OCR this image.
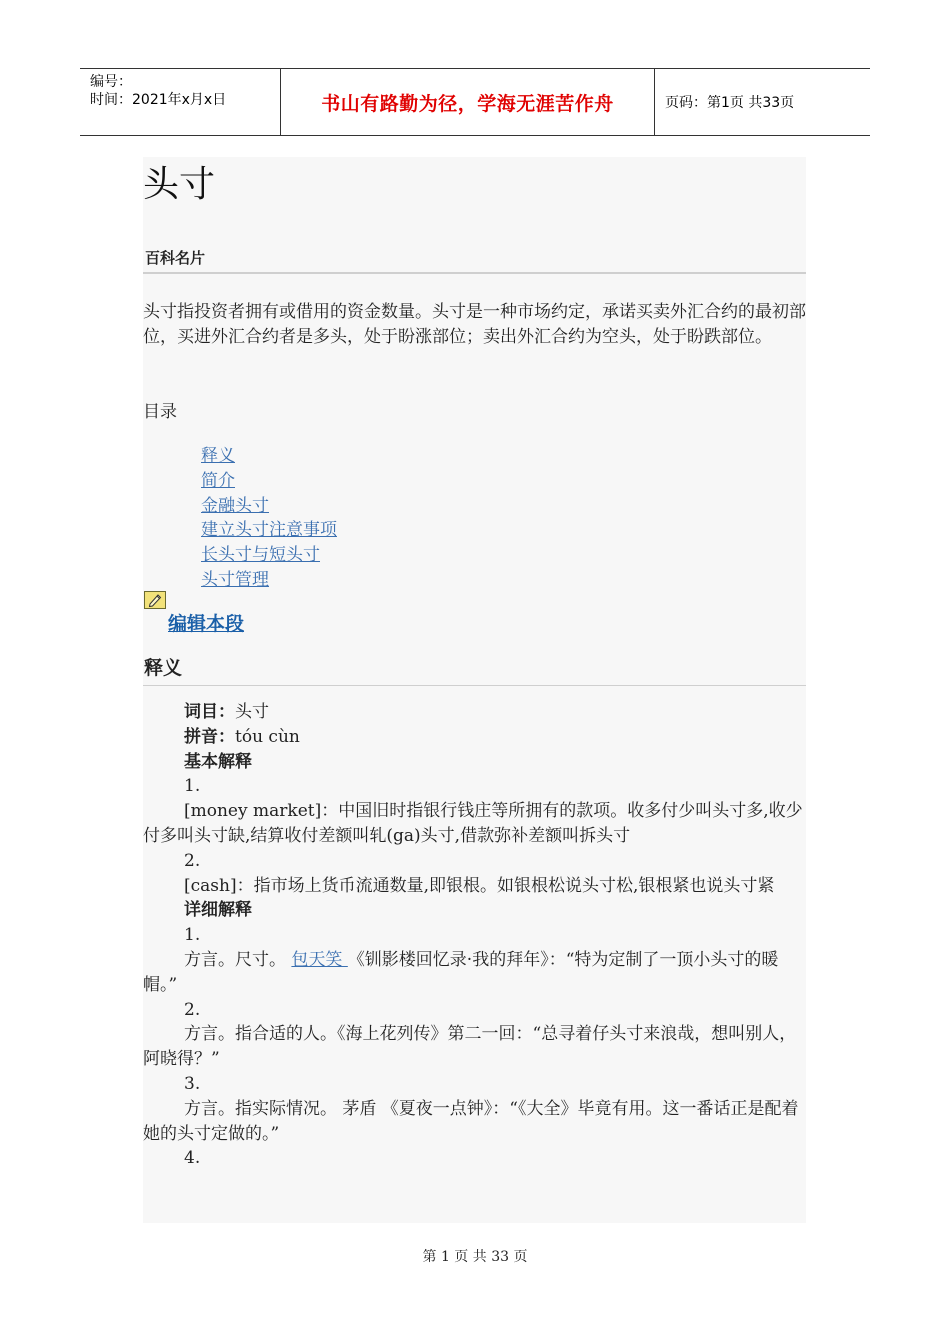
编号：
时间：2021年x月x日	书山有路勤为径，学海无涯苦作舟	页码：第1页 共33页
头寸
百科名片
头寸指投资者拥有或借用的资金数量。头寸是一种市场约定，承诺买卖外汇合约的最初部位，买进外汇合约者是多头，处于盼涨部位；卖出外汇合约为空头，处于盼跌部位。
目录
释义
简介
金融头寸
建立头寸注意事项
长头寸与短头寸
头寸管理
编辑本段
释义
词目：头寸
拼音：tóu cùn
基本解释
1.
[money market]：中国旧时指银行钱庄等所拥有的款项。收多付少叫头寸多,收少付多叫头寸缺,结算收付差额叫轧(ga)头寸,借款弥补差额叫拆头寸
2.
[cash]：指市场上货币流通数量,即银根。如银根松说头寸松,银根紧也说头寸紧
详细解释
1.
方言。尺寸。 包天笑 《钏影楼回忆录·我的拜年》：“特为定制了一顶小头寸的暖帽。”
2.
方言。指合适的人。《海上花列传》第二一回：“总寻着仔头寸来浪哉，想叫别人，阿晓得？”
3.
方言。指实际情况。 茅盾 《夏夜一点钟》：“《大全》毕竟有用。这一番话正是配着她的头寸定做的。”
4.
第 1 页 共 33 页
